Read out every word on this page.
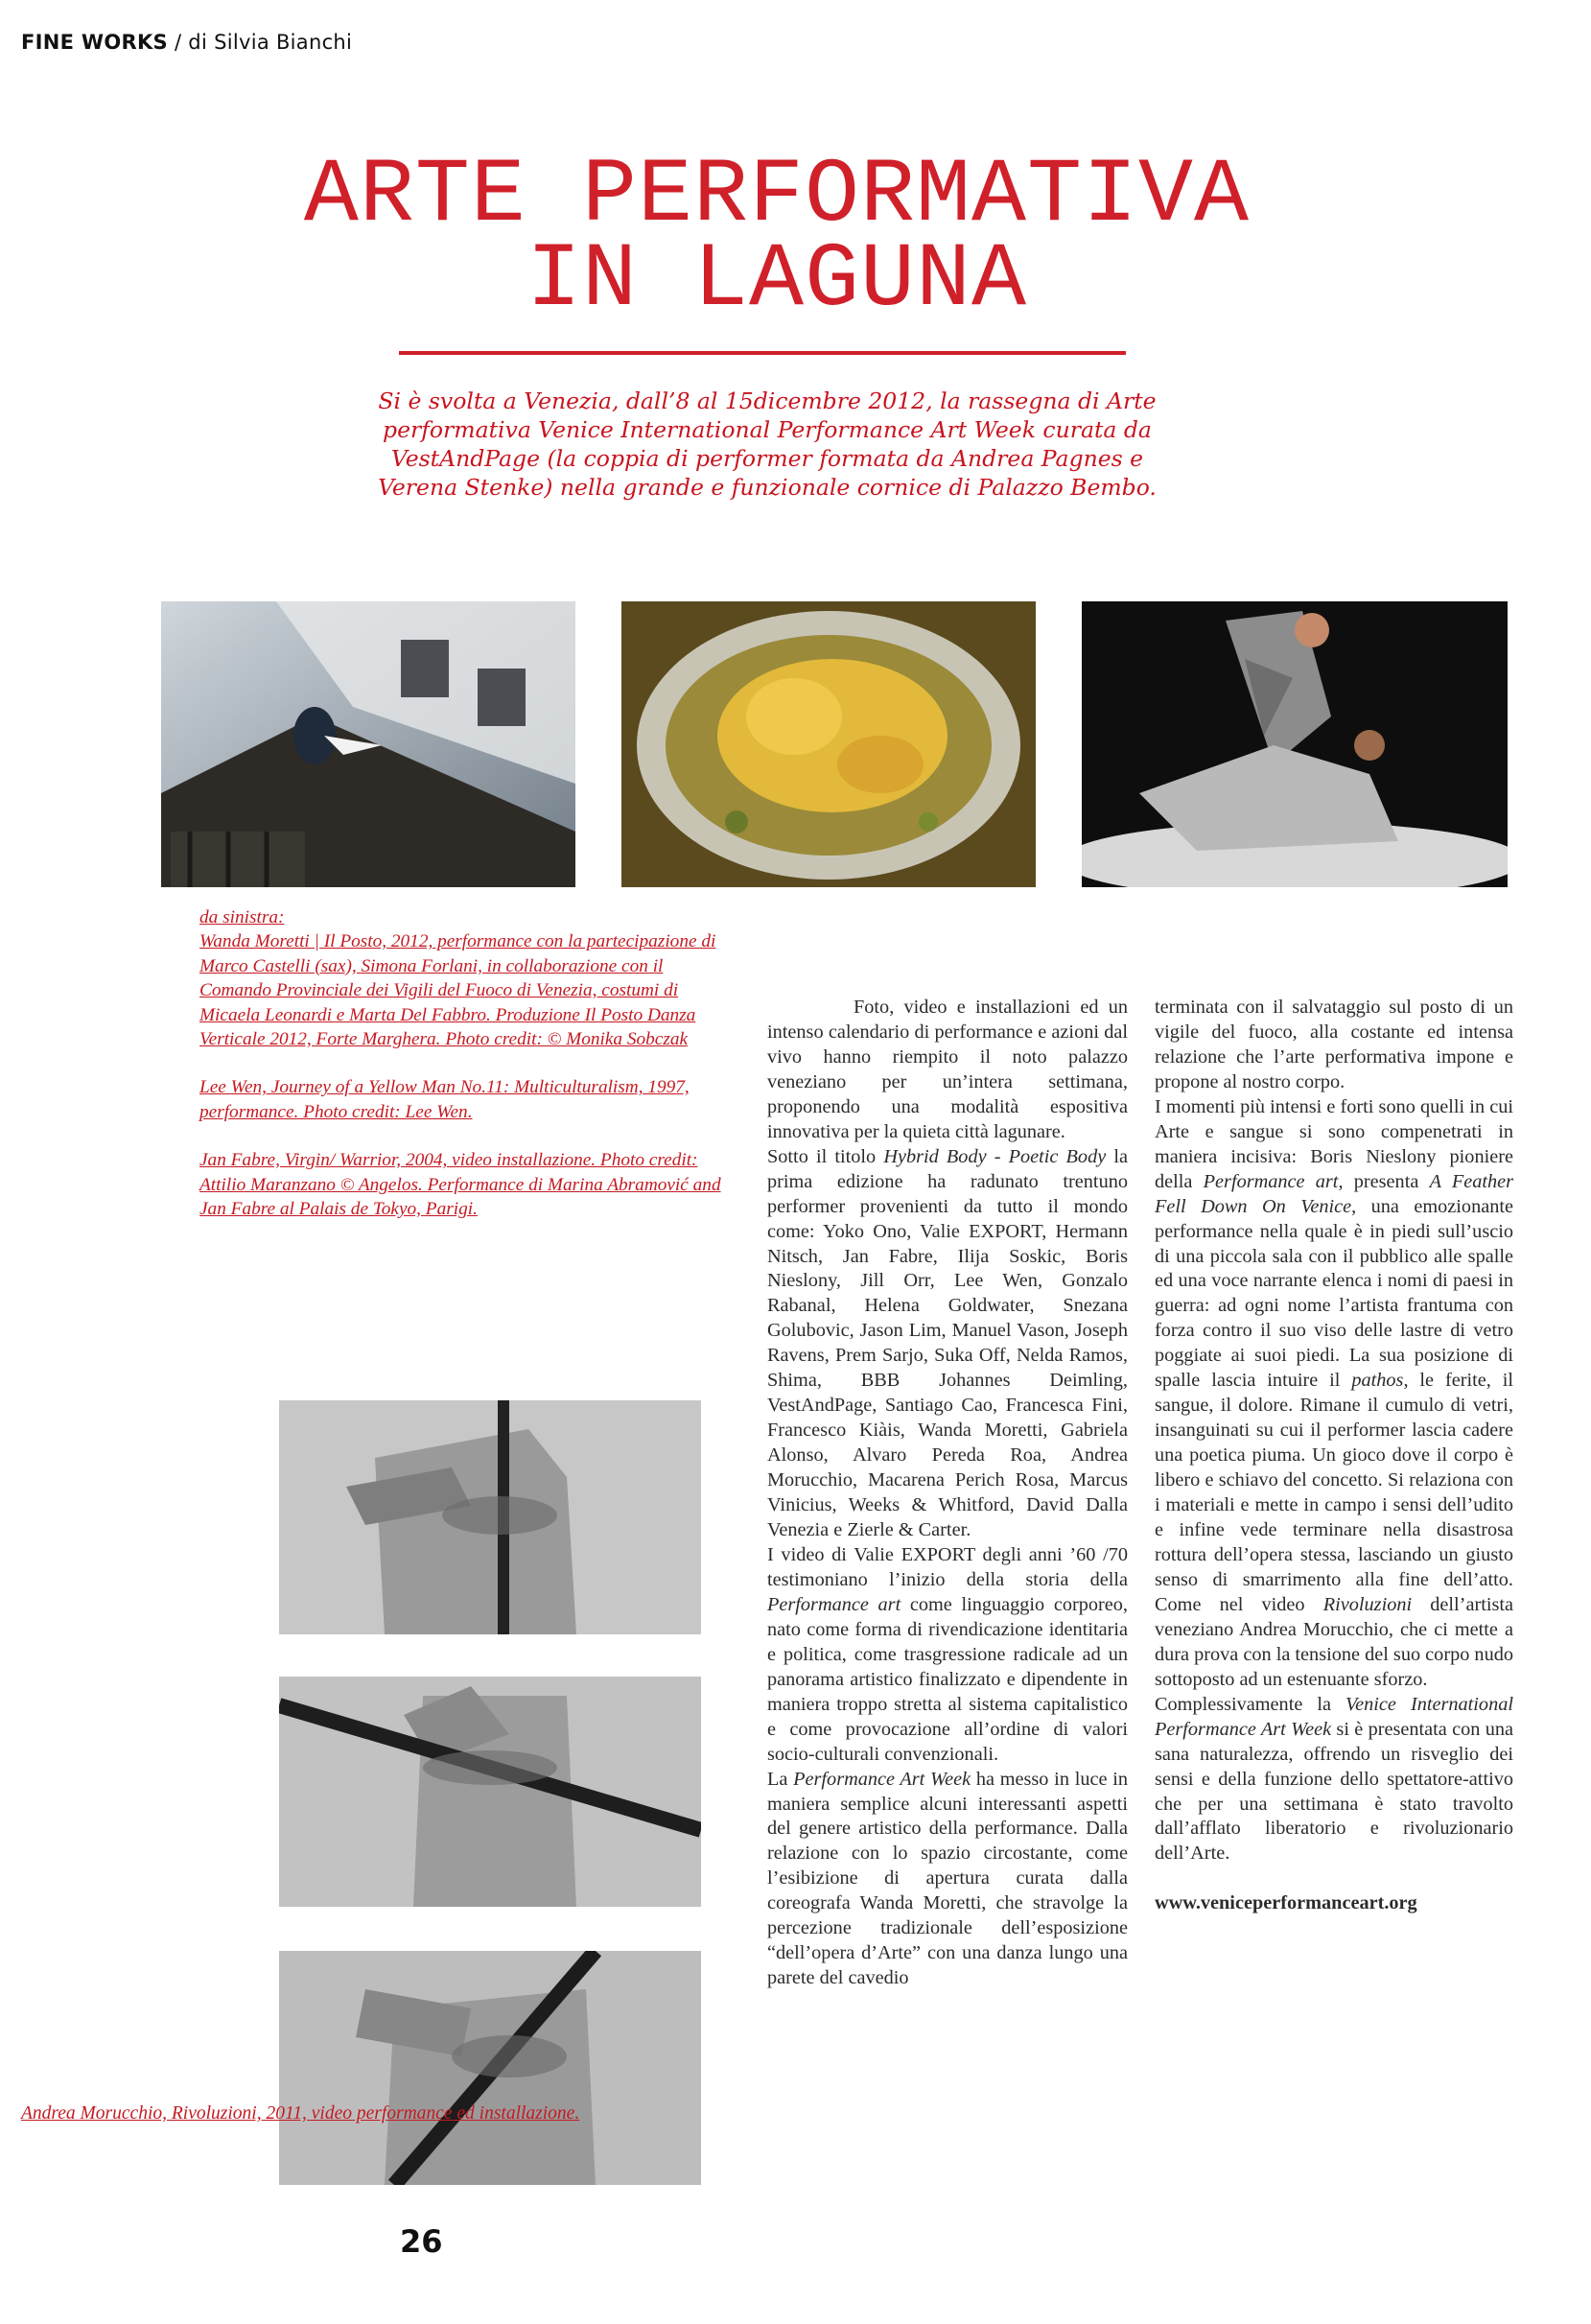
FINE WORKS / di Silvia Bianchi
ARTE PERFORMATIVA
IN LAGUNA
Si è svolta a Venezia, dall’8 al 15dicembre 2012, la rassegna di Arte performativa Venice International Performance Art Week curata da VestAndPage (la coppia di performer formata da Andrea Pagnes e Verena Stenke) nella grande e funzionale cornice di Palazzo Bembo.

da sinistra:

Wanda Moretti | Il Posto, 2012, performance con la partecipazione di Marco Castelli (sax), Simona Forlani, in collaborazione con il Comando Provinciale dei Vigili del Fuoco di Venezia, costumi di Micaela Leonardi e Marta Del Fabbro. Produzione Il Posto Danza Verticale 2012, Forte Marghera. Photo credit: © Monika Sobczak

Lee Wen, Journey of a Yellow Man No.11: Multiculturalism, 1997, performance. Photo credit: Lee Wen.

Jan Fabre, Virgin/ Warrior, 2004, video installazione. Photo credit: Attilio Maranzano © Angelos. Performance di Marina Abramović and Jan Fabre al Palais de Tokyo, Parigi.

Andrea Morucchio, Rivoluzioni, 2011, video performance ed installazione.

Foto, video e installazioni ed un intenso calendario di performance e azioni dal vivo hanno riempito il noto palazzo veneziano per un’intera settimana, proponendo una modalità espositiva innovativa per la quieta città lagunare.

Sotto il titolo Hybrid Body - Poetic Body la prima edizione ha radunato trentuno performer provenienti da tutto il mondo come: Yoko Ono, Valie EXPORT, Hermann Nitsch, Jan Fabre, Ilija Soskic, Boris Nieslony, Jill Orr, Lee Wen, Gonzalo Rabanal, Helena Goldwater, Snezana Golubovic, Jason Lim, Manuel Vason, Joseph Ravens, Prem Sarjo, Suka Off, Nelda Ramos, Shima, BBB Johannes Deimling, VestAndPage, Santiago Cao, Francesca Fini, Francesco Kiàis, Wanda Moretti, Gabriela Alonso, Alvaro Pereda Roa, Andrea Morucchio, Macarena Perich Rosa, Marcus Vinicius, Weeks & Whitford, David Dalla Venezia e Zierle & Carter.

I video di Valie EXPORT degli anni ’60 /70 testimoniano l’inizio della storia della Performance art come linguaggio corporeo, nato come forma di rivendicazione identitaria e politica, come trasgressione radicale ad un panorama artistico finalizzato e dipendente in maniera troppo stretta al sistema capitalistico e come provocazione all’ordine di valori socio-culturali convenzionali.

La Performance Art Week ha messo in luce in maniera semplice alcuni interessanti aspetti del genere artistico della performance. Dalla relazione con lo spazio circostante, come l’esibizione di apertura curata dalla coreografa Wanda Moretti, che stravolge la percezione tradizionale dell’esposizione “dell’opera d’Arte” con una danza lungo una parete del cavedio

terminata con il salvataggio sul posto di un vigile del fuoco, alla costante ed intensa relazione che l’arte performativa impone e propone al nostro corpo.

I momenti più intensi e forti sono quelli in cui Arte e sangue si sono compenetrati in maniera incisiva: Boris Nieslony pioniere della Performance art, presenta A Feather Fell Down On Venice, una emozionante performance nella quale è in piedi sull’uscio di una piccola sala con il pubblico alle spalle ed una voce narrante elenca i nomi di paesi in guerra: ad ogni nome l’artista frantuma con forza contro il suo viso delle lastre di vetro poggiate ai suoi piedi. La sua posizione di spalle lascia intuire il pathos, le ferite, il sangue, il dolore. Rimane il cumulo di vetri, insanguinati su cui il performer lascia cadere una poetica piuma. Un gioco dove il corpo è libero e schiavo del concetto. Si relaziona con i materiali e mette in campo i sensi dell’udito e infine vede terminare nella disastrosa rottura dell’opera stessa, lasciando un giusto senso di smarrimento alla fine dell’atto. Come nel video Rivoluzioni dell’artista veneziano Andrea Morucchio, che ci mette a dura prova con la tensione del suo corpo nudo sottoposto ad un estenuante sforzo.

Complessivamente la Venice International Performance Art Week si è presentata con una sana naturalezza, offrendo un risveglio dei sensi e della funzione dello spettatore-attivo che per una settimana è stato travolto dall’afflato liberatorio e rivoluzionario dell’Arte.

www.veniceperformanceart.org

26
